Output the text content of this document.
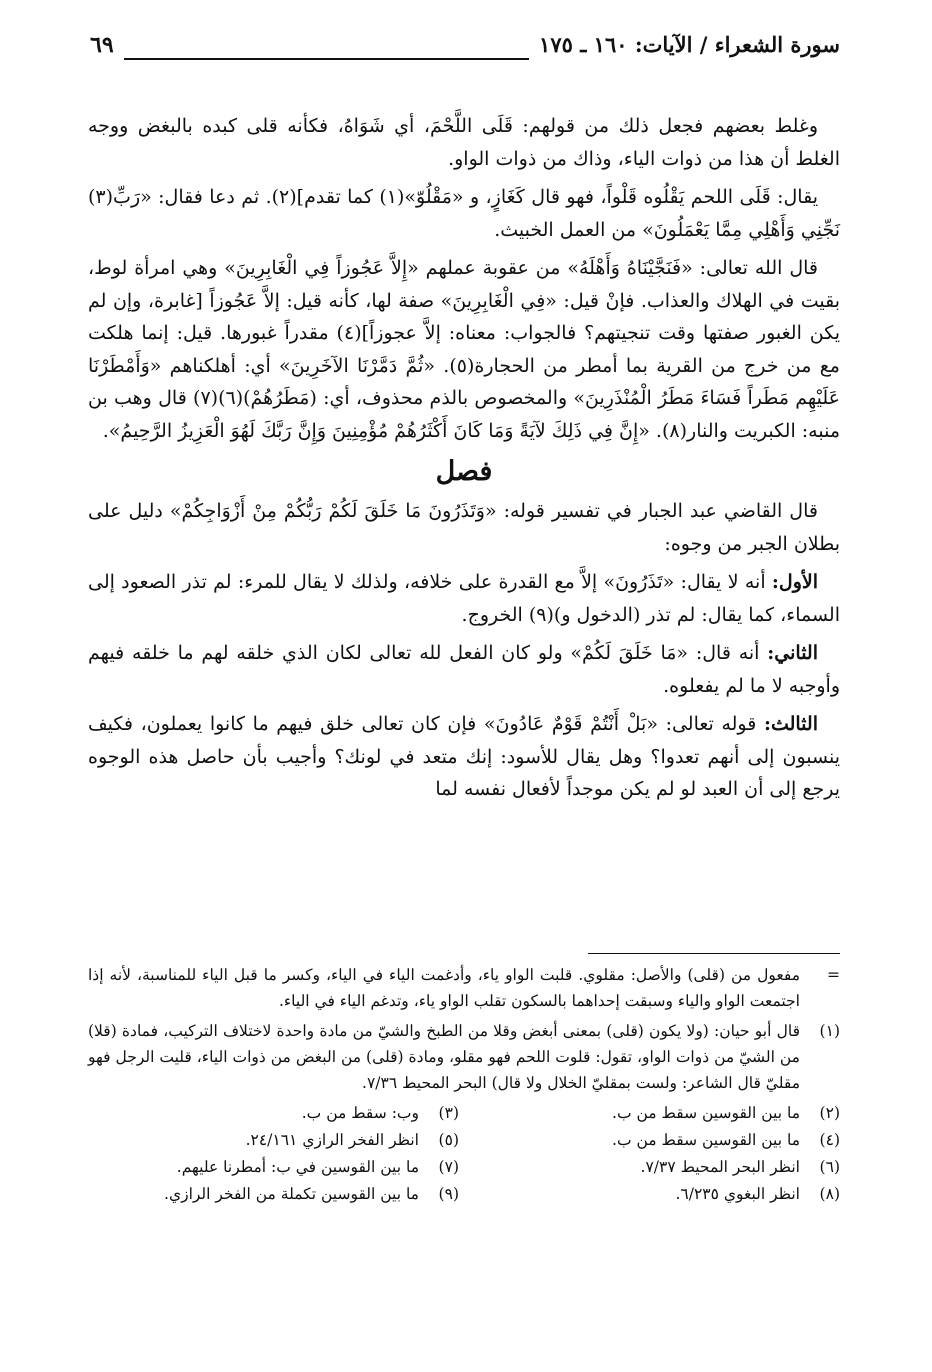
سورة الشعراء / الآيات: ١٦٠ ـ ١٧٥
٦٩

وغلط بعضهم فجعل ذلك من قولهم: قَلَى اللَّحْمَ، أي شَوَاهُ، فكأنه قلى كبده بالبغض ووجه الغلط أن هذا من ذوات الياء، وذاك من ذوات الواو.

يقال: قَلَى اللحم يَقْلُوه قَلْواً، فهو قال كَغَازٍ، و «مَقْلُوّ»(١) كما تقدم](٢). ثم دعا فقال: «رَبِّ(٣) نَجِّنِي وَأَهْلِي مِمَّا يَعْمَلُونَ» من العمل الخبيث.

قال الله تعالى: «فَنَجَّيْنَاهُ وَأَهْلَهُ» من عقوبة عملهم «إِلاَّ عَجُوزاً فِي الْغَابِرِينَ» وهي امرأة لوط، بقيت في الهلاك والعذاب. فإنْ قيل: «فِي الْغَابِرِينَ» صفة لها، كأنه قيل: إلاَّ عَجُوزاً [غابرة، وإن لم يكن الغبور صفتها وقت تنجيتهم؟ فالجواب: معناه: إلاَّ عجوزاً](٤) مقدراً غبورها. قيل: إنما هلكت مع من خرج من القرية بما أمطر من الحجارة(٥). «ثُمَّ دَمَّرْنَا الآخَرِينَ» أي: أهلكناهم «وَأَمْطَرْنَا عَلَيْهِم مَطَراً فَسَاءَ مَطَرُ الْمُنْذَرِينَ» والمخصوص بالذم محذوف، أي: (مَطَرُهُمْ)(٦)(٧) قال وهب بن منبه: الكبريت والنار(٨). «إِنَّ فِي ذَلِكَ لآيَةً وَمَا كَانَ أَكْثَرُهُمْ مُؤْمِنِينَ وَإِنَّ رَبَّكَ لَهُوَ الْعَزِيزُ الرَّحِيمُ».

فصل

قال القاضي عبد الجبار في تفسير قوله: «وَتَذَرُونَ مَا خَلَقَ لَكُمْ رَبُّكُمْ مِنْ أَزْوَاجِكُمْ» دليل على بطلان الجبر من وجوه:

الأول: أنه لا يقال: «تَذَرُونَ» إلاَّ مع القدرة على خلافه، ولذلك لا يقال للمرء: لم تذر الصعود إلى السماء، كما يقال: لم تذر (الدخول و)(٩) الخروج.

الثاني: أنه قال: «مَا خَلَقَ لَكُمْ» ولو كان الفعل لله تعالى لكان الذي خلقه لهم ما خلقه فيهم وأوجبه لا ما لم يفعلوه.

الثالث: قوله تعالى: «بَلْ أَنْتُمْ قَوْمٌ عَادُونَ» فإن كان تعالى خلق فيهم ما كانوا يعملون، فكيف ينسبون إلى أنهم تعدوا؟ وهل يقال للأسود: إنك متعد في لونك؟ وأجيب بأن حاصل هذه الوجوه يرجع إلى أن العبد لو لم يكن موجداً لأفعال نفسه لما

=
مفعول من (قلى) والأصل: مقلوي. قلبت الواو ياء، وأدغمت الياء في الياء، وكسر ما قبل الياء للمناسبة، لأنه إذا اجتمعت الواو والياء وسبقت إحداهما بالسكون تقلب الواو ياء، وتدغم الياء في الياء.
(١)
قال أبو حيان: (ولا يكون (قلى) بمعنى أبغض وقلا من الطبخ والشيّ من مادة واحدة لاختلاف التركيب، فمادة (قلا) من الشيّ من ذوات الواو، تقول: قلوت اللحم فهو مقلو، ومادة (قلى) من البغض من ذوات الياء، قليت الرجل فهو مقليّ قال الشاعر: ولست بمقليّ الخلال ولا قال) البحر المحيط ٧/٣٦.
(٢)
ما بين القوسين سقط من ب.
(٣)
وب: سقط من ب.
(٤)
ما بين القوسين سقط من ب.
(٥)
انظر الفخر الرازي ٢٤/١٦١.
(٦)
انظر البحر المحيط ٧/٣٧.
(٧)
ما بين القوسين في ب: أمطرنا عليهم.
(٨)
انظر البغوي ٦/٢٣٥.
(٩)
ما بين القوسين تكملة من الفخر الرازي.
